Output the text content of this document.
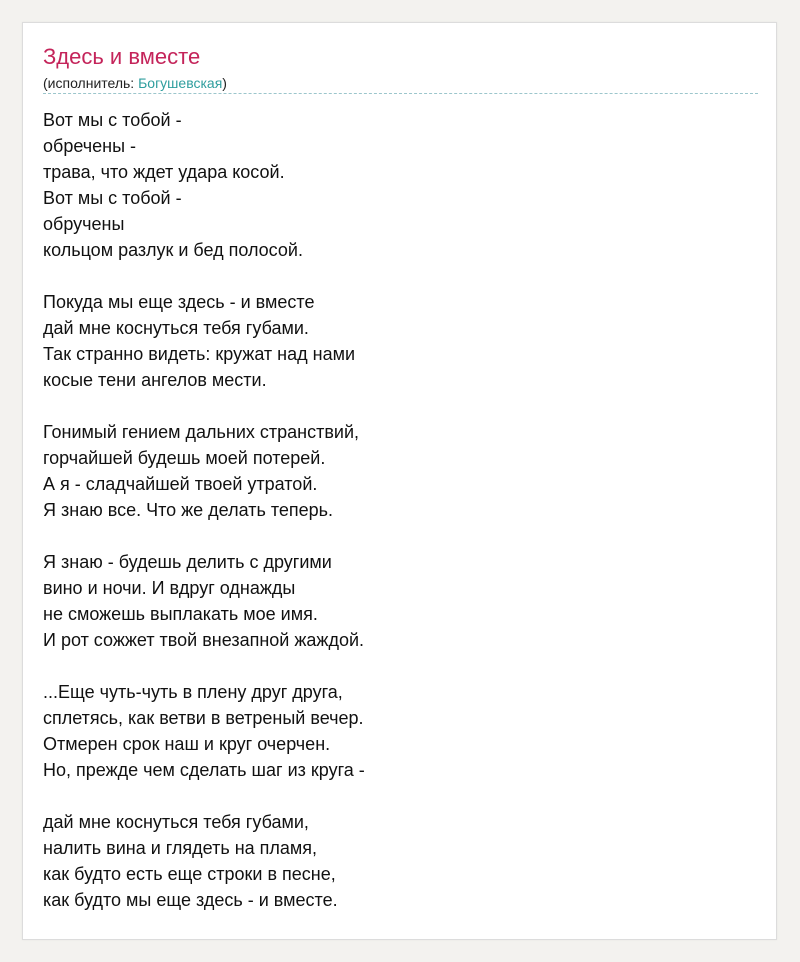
Здесь и вместе
(исполнитель: Богушевская)
Вот мы с тобой -
обречены -
трава, что ждет удара косой.
Вот мы с тобой -
обручены
кольцом разлук и бед полосой.
Покуда мы еще здесь - и вместе
дай мне коснуться тебя губами.
Так странно видеть: кружат над нами
косые тени ангелов мести.
Гонимый гением дальних странствий,
горчайшей будешь моей потерей.
А я - сладчайшей твоей утратой.
Я знаю все. Что же делать теперь.
Я знаю - будешь делить с другими
вино и ночи. И вдруг однажды
не сможешь выплакать мое имя.
И рот сожжет твой внезапной жаждой.
...Еще чуть-чуть в плену друг друга,
сплетясь, как ветви в ветреный вечер.
Отмерен срок наш и круг очерчен.
Но, прежде чем сделать шаг из круга -
дай мне коснуться тебя губами,
налить вина и глядеть на пламя,
как будто есть еще строки в песне,
как будто мы еще здесь - и вместе.
